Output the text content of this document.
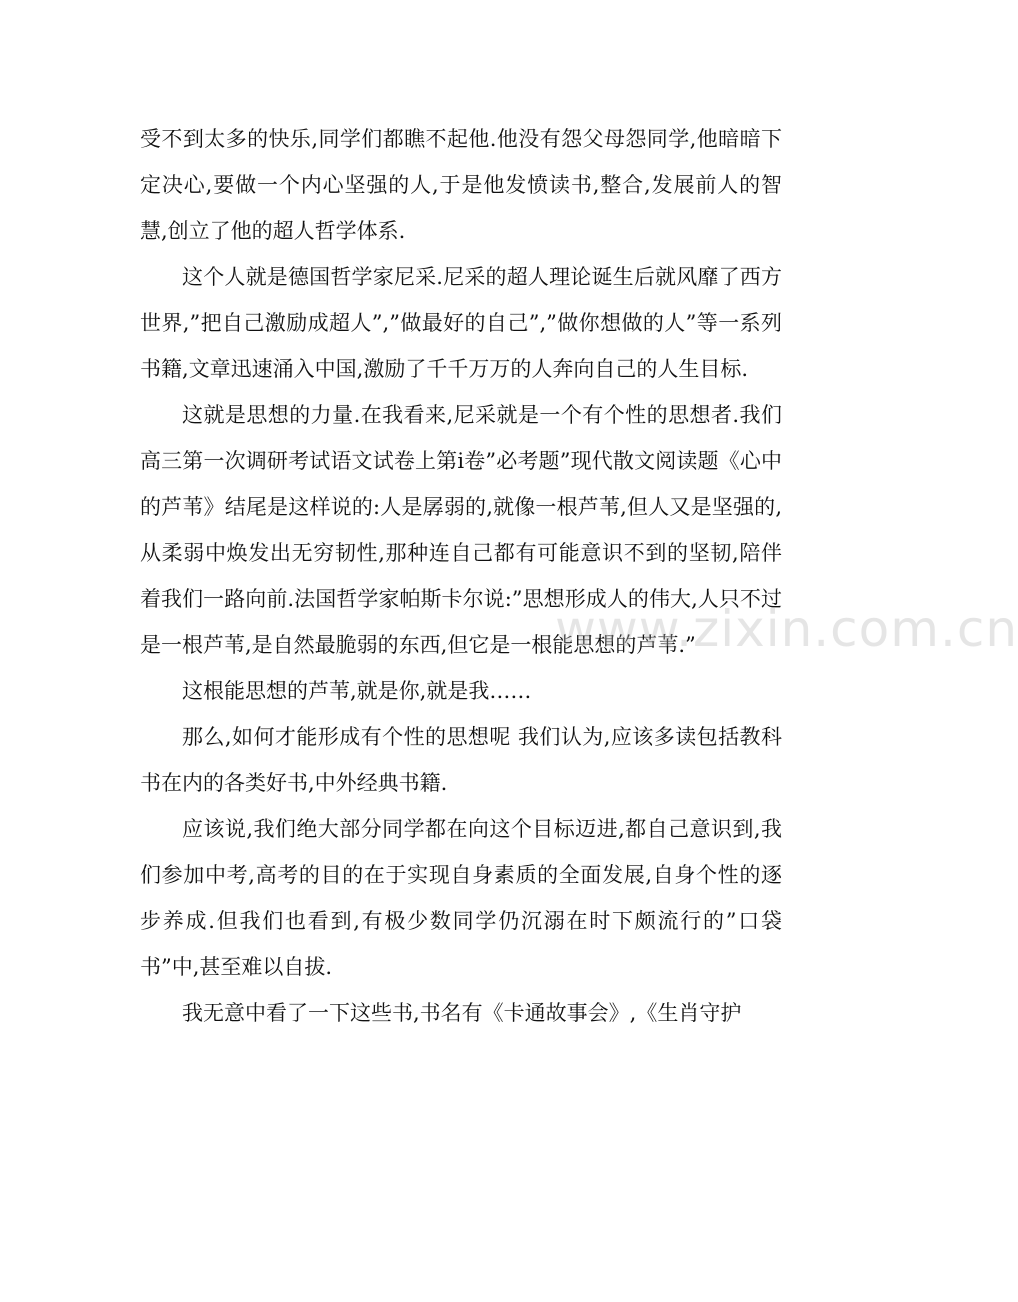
受不到太多的快乐,同学们都瞧不起他.他没有怨父母怨同学,他暗暗下定决心,要做一个内心坚强的人,于是他发愤读书,整合,发展前人的智慧,创立了他的超人哲学体系.

这个人就是德国哲学家尼采.尼采的超人理论诞生后就风靡了西方世界,”把自己激励成超人”,”做最好的自己”,”做你想做的人”等一系列书籍,文章迅速涌入中国,激励了千千万万的人奔向自己的人生目标.

这就是思想的力量.在我看来,尼采就是一个有个性的思想者.我们高三第一次调研考试语文试卷上第ⅰ卷”必考题”现代散文阅读题《心中的芦苇》结尾是这样说的:人是孱弱的,就像一根芦苇,但人又是坚强的,从柔弱中焕发出无穷韧性,那种连自己都有可能意识不到的坚韧,陪伴着我们一路向前.法国哲学家帕斯卡尔说:”思想形成人的伟大,人只不过是一根芦苇,是自然最脆弱的东西,但它是一根能思想的芦苇.”

这根能思想的芦苇,就是你,就是我……

那么,如何才能形成有个性的思想呢 我们认为,应该多读包括教科书在内的各类好书,中外经典书籍.

应该说,我们绝大部分同学都在向这个目标迈进,都自己意识到,我们参加中考,高考的目的在于实现自身素质的全面发展,自身个性的逐步养成.但我们也看到,有极少数同学仍沉溺在时下颇流行的”口袋书”中,甚至难以自拔.

我无意中看了一下这些书,书名有《卡通故事会》,《生肖守护

www.zixin.com.cn
